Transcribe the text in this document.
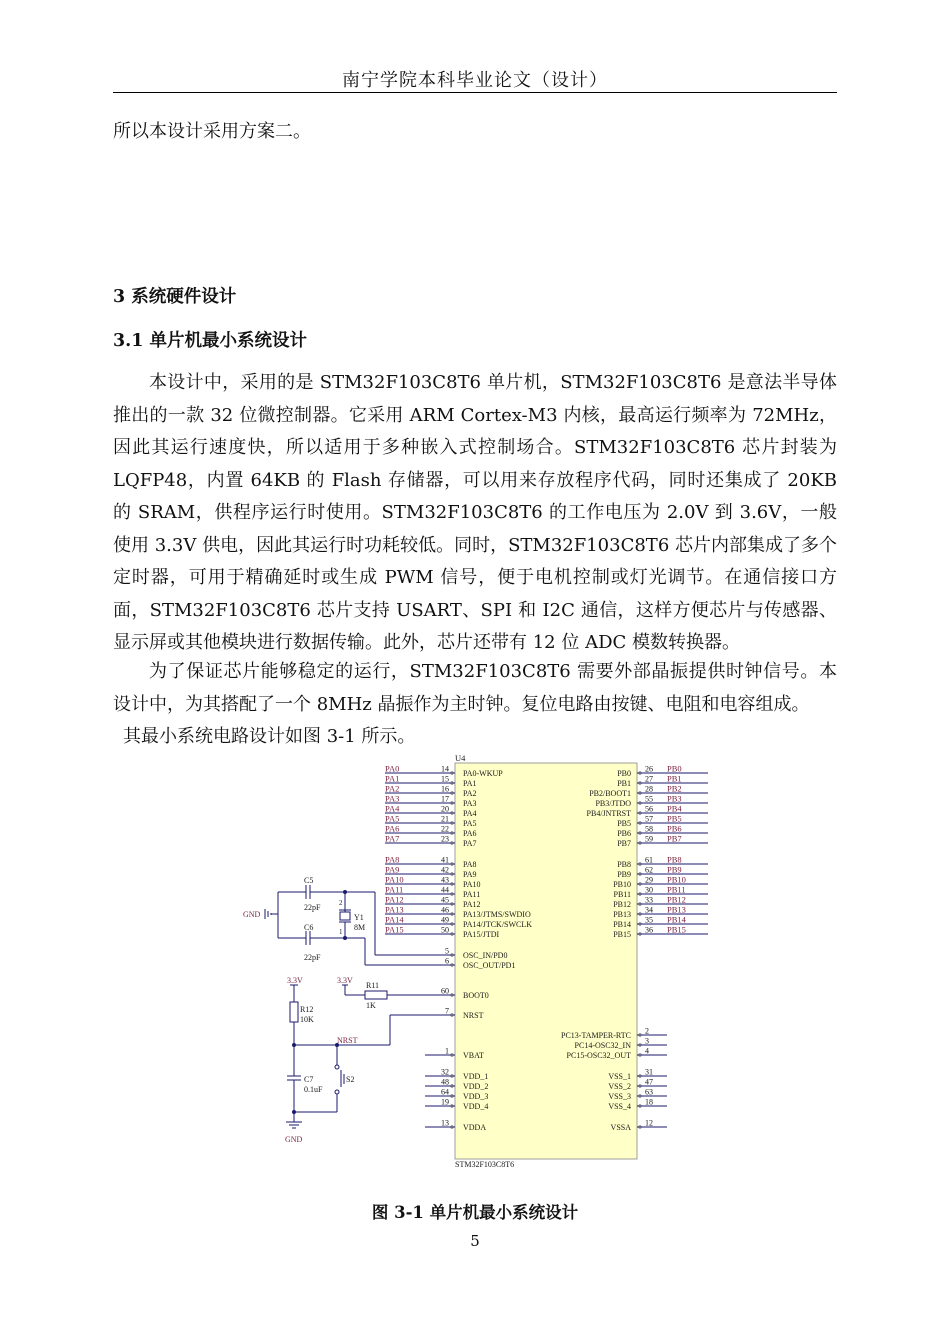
南宁学院本科毕业论文（设计）

所以本设计采用方案二。

3 系统硬件设计

3.1 单片机最小系统设计

本设计中，采用的是 STM32F103C8T6 单片机，STM32F103C8T6 是意法半导体推出的一款 32 位微控制器。它采用 ARM Cortex-M3 内核，最高运行频率为 72MHz，因此其运行速度快，所以适用于多种嵌入式控制场合。STM32F103C8T6 芯片封装为 LQFP48，内置 64KB 的 Flash 存储器，可以用来存放程序代码，同时还集成了 20KB 的 SRAM，供程序运行时使用。STM32F103C8T6 的工作电压为 2.0V 到 3.6V，一般使用 3.3V 供电，因此其运行时功耗较低。同时，STM32F103C8T6 芯片内部集成了多个定时器，可用于精确延时或生成 PWM 信号，便于电机控制或灯光调节。在通信接口方面，STM32F103C8T6 芯片支持 USART、SPI 和 I2C 通信，这样方便芯片与传感器、显示屏或其他模块进行数据传输。此外，芯片还带有 12 位 ADC 模数转换器。

为了保证芯片能够稳定的运行，STM32F103C8T6 需要外部晶振提供时钟信号。本设计中，为其搭配了一个 8MHz 晶振作为主时钟。复位电路由按键、电阻和电容组成。

其最小系统电路设计如图 3-1 所示。

U4
STM32F103C8T6
PA0	14 PA0-WKUP
PA1	15 PA1
PA2	16 PA2
PA3	17 PA3
PA4	20 PA4
PA5	21 PA5
PA6	22 PA6
PA7	23 PA7
PA8	41 PA8
PA9	42 PA9
PA10	43 PA10
PA11	44 PA11
PA12	45 PA12
PA13	46 PA13/JTMS/SWDIO
PA14	49 PA14/JTCK/SWCLK
PA15	50 PA15/JTDI
PB0
26
PB0	PB1
27
PB1	PB2
28
PB2/BOOT1	PB3
55
PB3/JTDO	PB4
56
PB4/JNTRST	PB5
57
PB5	PB6
58
PB6	PB7
59
PB7
PB8
61
PB8	PB9
62
PB9	PB10
29
PB10	PB11
30
PB11	PB12
33
PB12	PB13
34
PB13	PB14
35
PB14	PB15
36
PB15
5 OSC_IN/PD0
6 OSC_OUT/PD1
60 BOOT0
7 NRST
1 VBAT
32 VDD_1
48 VDD_2
64 VDD_3
19 VDD_4
13 VDDA
2
PC13-TAMPER-RTC
3
PC14-OSC32_IN
4
PC15-OSC32_OUT
31
VSS_1
47
VSS_2
63
VSS_3
18
VSS_4
12
VSSA
GND
C5
22pF
C6
22pF
Y1
8M
2
1
3.3V
R11
1K
3.3V
R12
10K
NRST
C7
0.1uF
S2
GND
图 3-1 单片机最小系统设计
5
